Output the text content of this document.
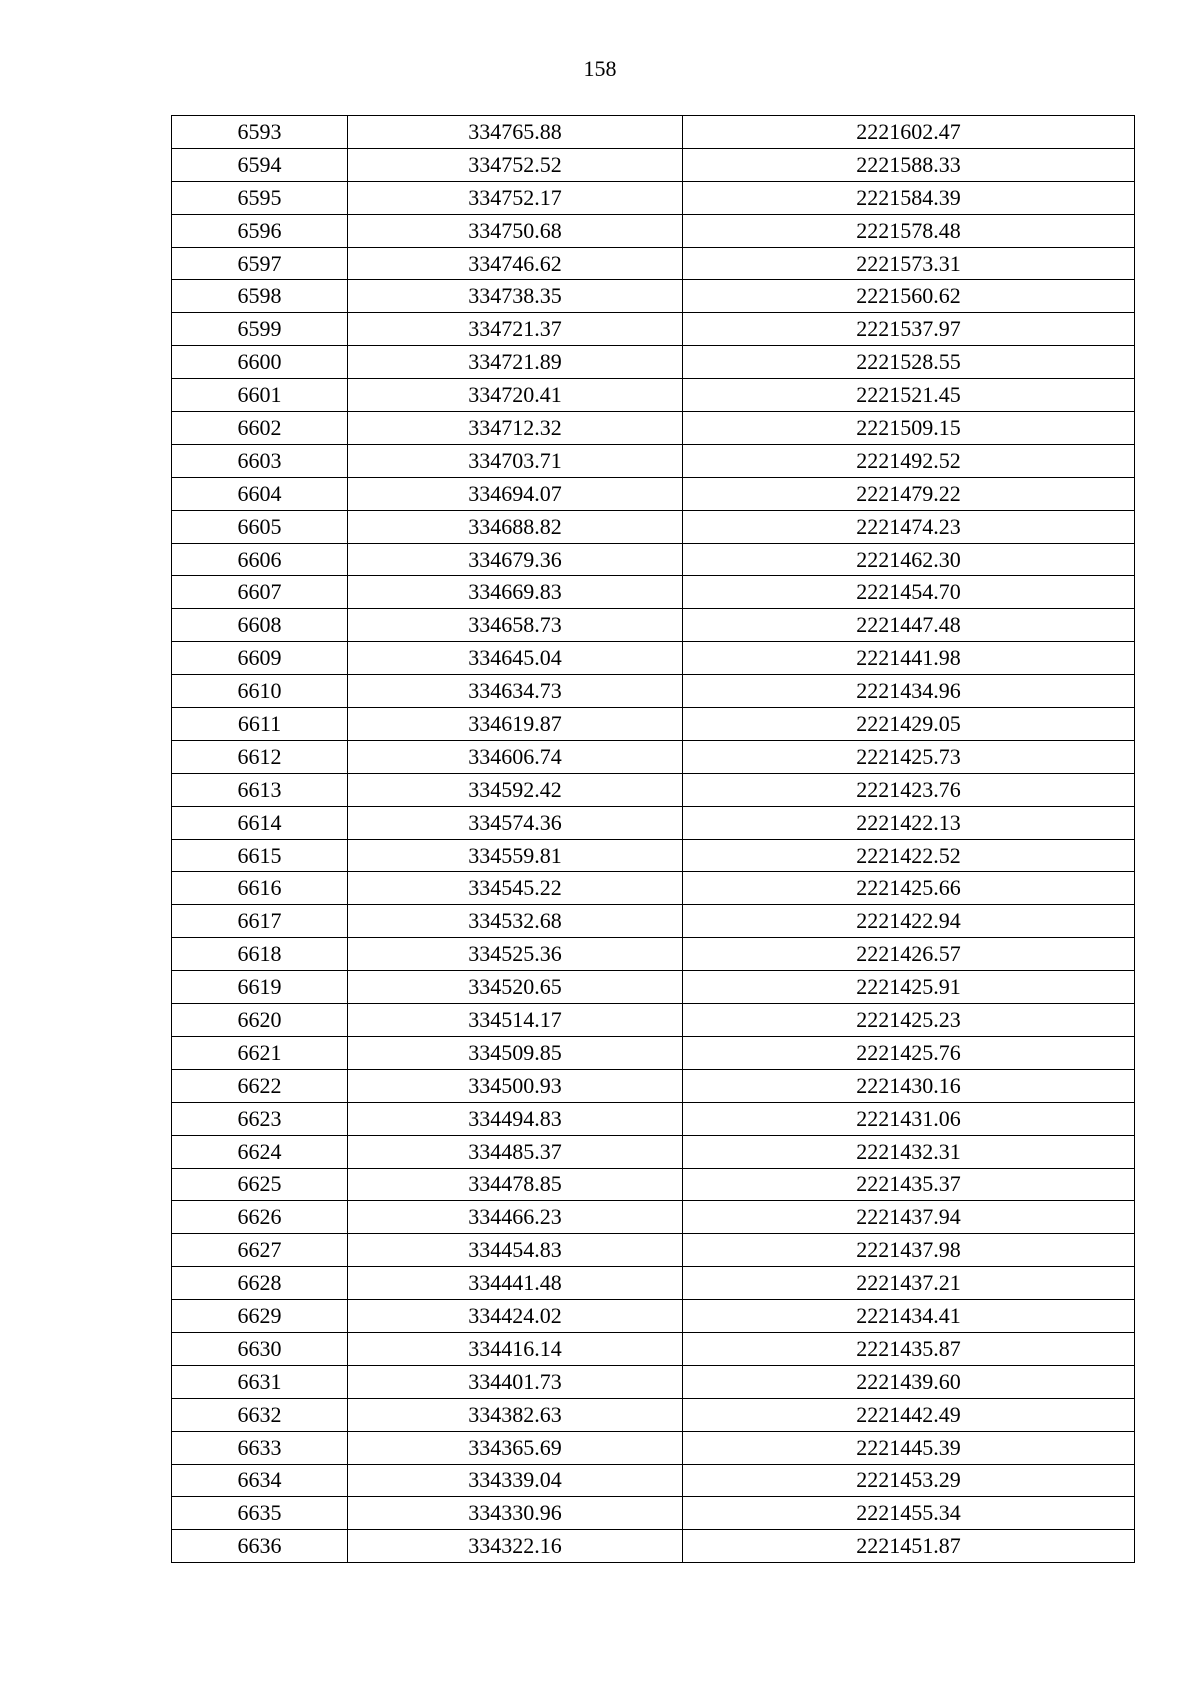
158
6593	334765.88	2221602.47
6594	334752.52	2221588.33
6595	334752.17	2221584.39
6596	334750.68	2221578.48
6597	334746.62	2221573.31
6598	334738.35	2221560.62
6599	334721.37	2221537.97
6600	334721.89	2221528.55
6601	334720.41	2221521.45
6602	334712.32	2221509.15
6603	334703.71	2221492.52
6604	334694.07	2221479.22
6605	334688.82	2221474.23
6606	334679.36	2221462.30
6607	334669.83	2221454.70
6608	334658.73	2221447.48
6609	334645.04	2221441.98
6610	334634.73	2221434.96
6611	334619.87	2221429.05
6612	334606.74	2221425.73
6613	334592.42	2221423.76
6614	334574.36	2221422.13
6615	334559.81	2221422.52
6616	334545.22	2221425.66
6617	334532.68	2221422.94
6618	334525.36	2221426.57
6619	334520.65	2221425.91
6620	334514.17	2221425.23
6621	334509.85	2221425.76
6622	334500.93	2221430.16
6623	334494.83	2221431.06
6624	334485.37	2221432.31
6625	334478.85	2221435.37
6626	334466.23	2221437.94
6627	334454.83	2221437.98
6628	334441.48	2221437.21
6629	334424.02	2221434.41
6630	334416.14	2221435.87
6631	334401.73	2221439.60
6632	334382.63	2221442.49
6633	334365.69	2221445.39
6634	334339.04	2221453.29
6635	334330.96	2221455.34
6636	334322.16	2221451.87
